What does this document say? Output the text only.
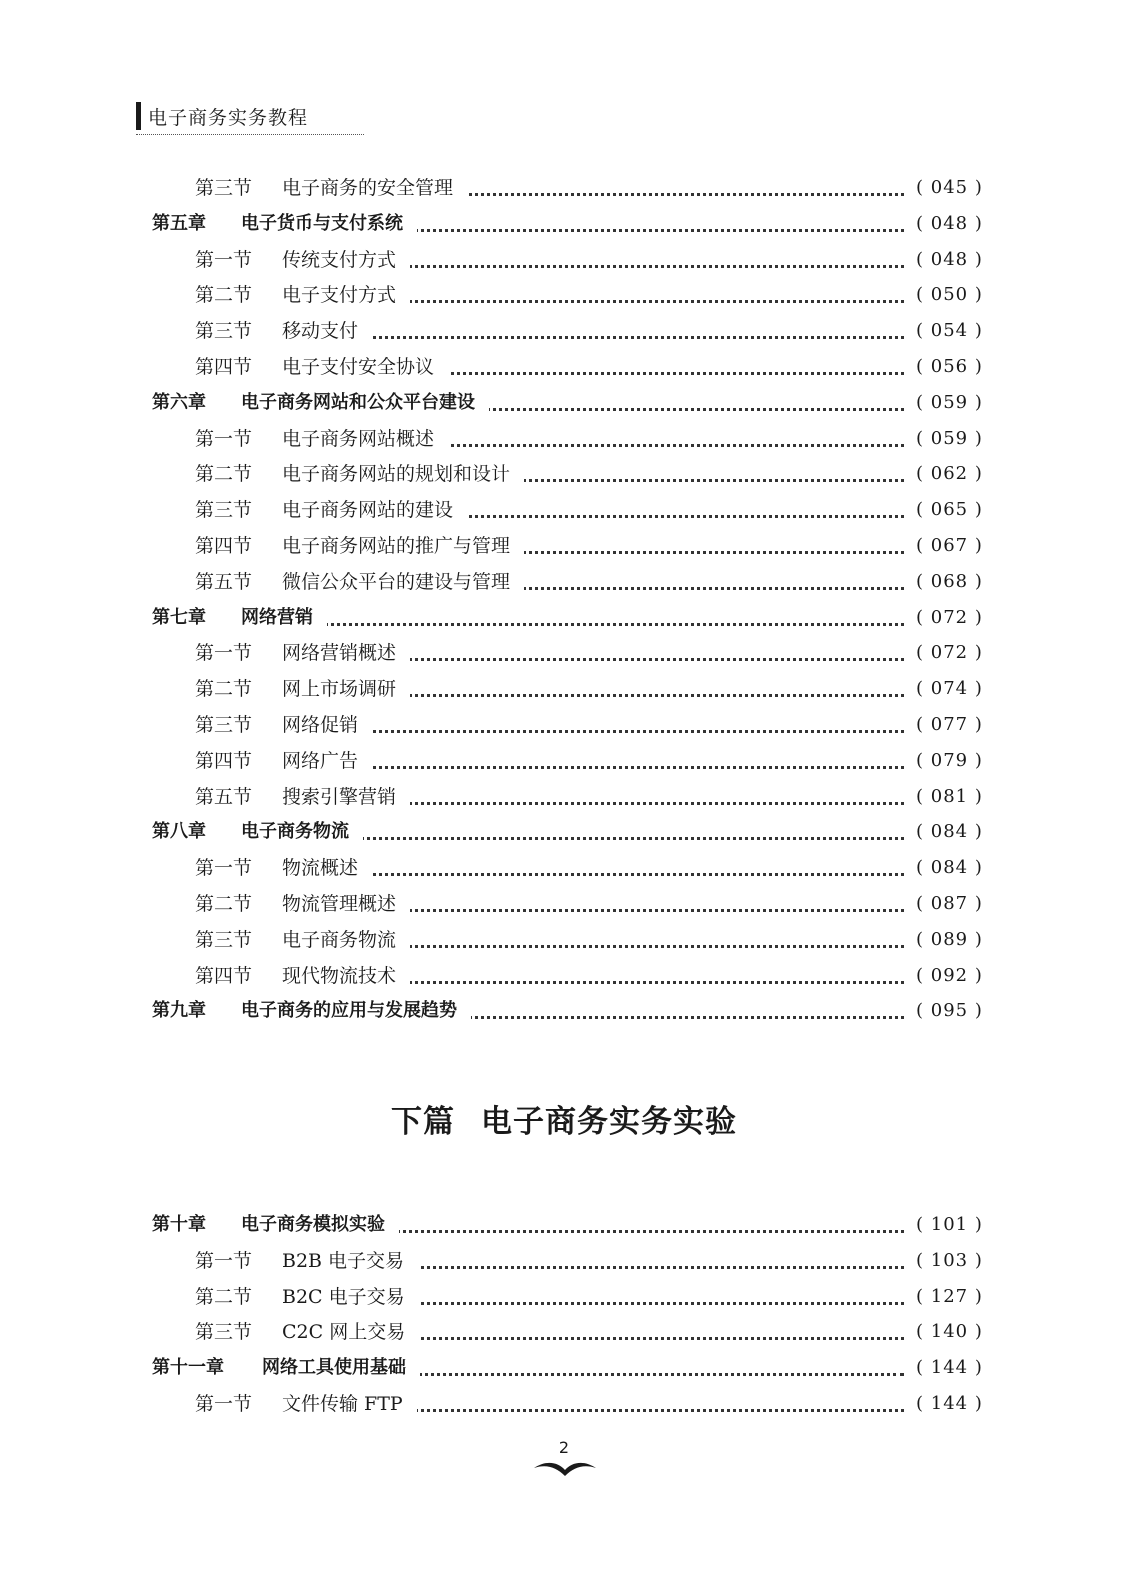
电子商务实务教程
第三节 电子商务的安全管理	( 045 )
第五章 电子货币与支付系统	( 048 )
第一节 传统支付方式	( 048 )
第二节 电子支付方式	( 050 )
第三节 移动支付	( 054 )
第四节 电子支付安全协议	( 056 )
第六章 电子商务网站和公众平台建设	( 059 )
第一节 电子商务网站概述	( 059 )
第二节 电子商务网站的规划和设计	( 062 )
第三节 电子商务网站的建设	( 065 )
第四节 电子商务网站的推广与管理	( 067 )
第五节 微信公众平台的建设与管理	( 068 )
第七章 网络营销	( 072 )
第一节 网络营销概述	( 072 )
第二节 网上市场调研	( 074 )
第三节 网络促销	( 077 )
第四节 网络广告	( 079 )
第五节 搜索引擎营销	( 081 )
第八章 电子商务物流	( 084 )
第一节 物流概述	( 084 )
第二节 物流管理概述	( 087 )
第三节 电子商务物流	( 089 )
第四节 现代物流技术	( 092 )
第九章 电子商务的应用与发展趋势	( 095 )
下篇 电子商务实务实验
第十章 电子商务模拟实验	( 101 )
第一节 B2B 电子交易	( 103 )
第二节 B2C 电子交易	( 127 )
第三节 C2C 网上交易	( 140 )
第十一章 网络工具使用基础	( 144 )
第一节 文件传输 FTP	( 144 )
2
